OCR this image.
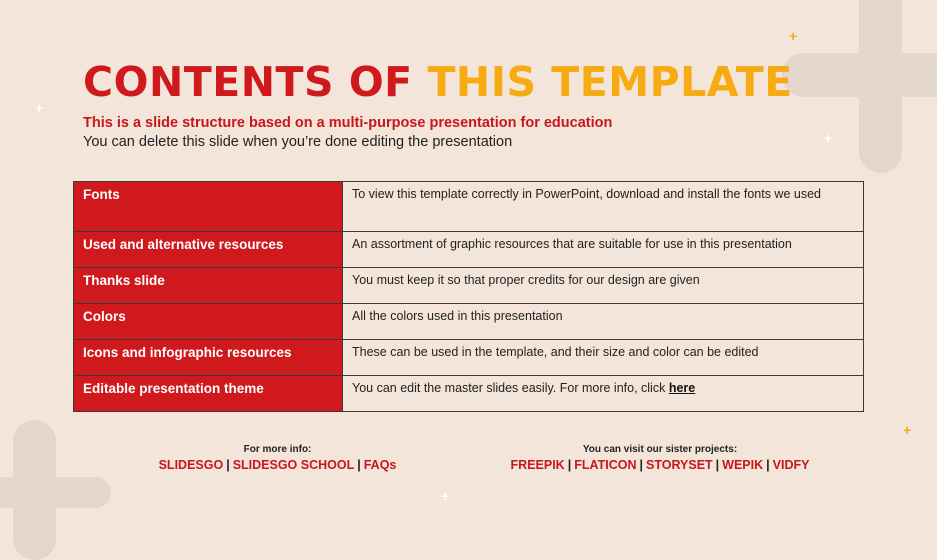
+
+
+
+
+
CONTENTS OF THIS TEMPLATE
This is a slide structure based on a multi-purpose presentation for education
You can delete this slide when you’re done editing the presentation
Fonts	To view this template correctly in PowerPoint, download and install the fonts we used
Used and alternative resources	An assortment of graphic resources that are suitable for use in this presentation
Thanks slide	You must keep it so that proper credits for our design are given
Colors	All the colors used in this presentation
Icons and infographic resources	These can be used in the template, and their size and color can be edited
Editable presentation theme	You can edit the master slides easily. For more info, click here
For more info:
SLIDESGO | SLIDESGO SCHOOL | FAQs
You can visit our sister projects:
FREEPIK | FLATICON | STORYSET | WEPIK | VIDFY
